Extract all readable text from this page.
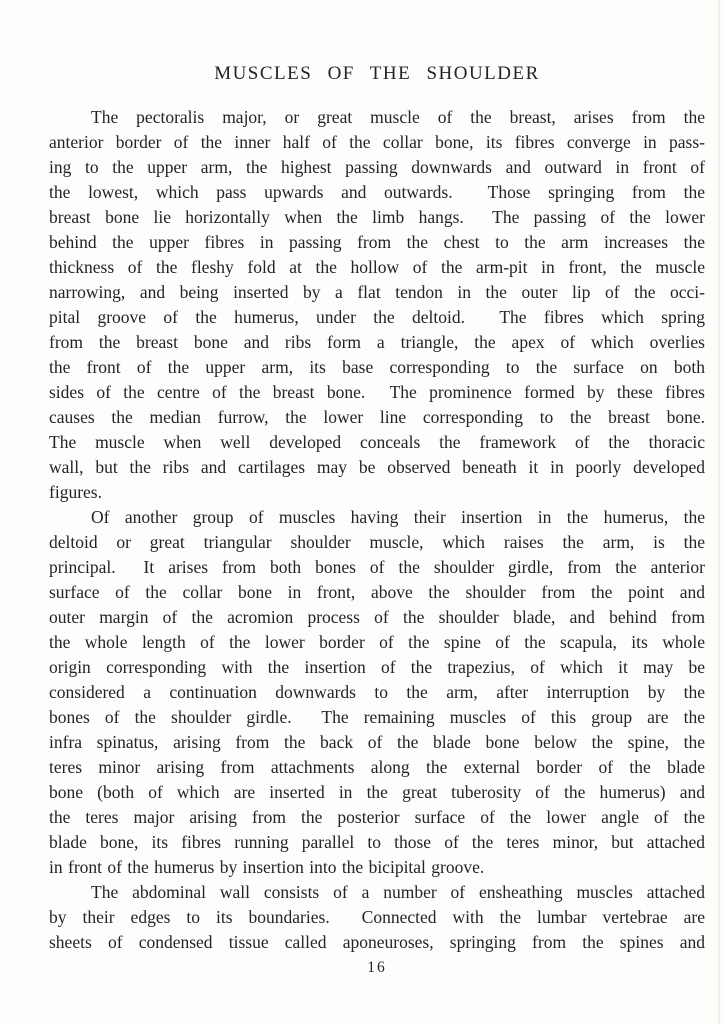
MUSCLES OF THE SHOULDER
The pectoralis major, or great muscle of the breast, arises from the
anterior border of the inner half of the collar bone, its fibres converge in pass-
ing to the upper arm, the highest passing downwards and outward in front of
the lowest, which pass upwards and outwards.  Those springing from the
breast bone lie horizontally when the limb hangs.  The passing of the lower
behind the upper fibres in passing from the chest to the arm increases the
thickness of the fleshy fold at the hollow of the arm-pit in front, the muscle
narrowing, and being inserted by a flat tendon in the outer lip of the occi-
pital groove of the humerus, under the deltoid.  The fibres which spring
from the breast bone and ribs form a triangle, the apex of which overlies
the front of the upper arm, its base corresponding to the surface on both
sides of the centre of the breast bone.  The prominence formed by these fibres
causes the median furrow, the lower line corresponding to the breast bone.
The muscle when well developed conceals the framework of the thoracic
wall, but the ribs and cartilages may be observed beneath it in poorly developed
figures.
Of another group of muscles having their insertion in the humerus, the
deltoid or great triangular shoulder muscle, which raises the arm, is the
principal.  It arises from both bones of the shoulder girdle, from the anterior
surface of the collar bone in front, above the shoulder from the point and
outer margin of the acromion process of the shoulder blade, and behind from
the whole length of the lower border of the spine of the scapula, its whole
origin corresponding with the insertion of the trapezius, of which it may be
considered a continuation downwards to the arm, after interruption by the
bones of the shoulder girdle.  The remaining muscles of this group are the
infra spinatus, arising from the back of the blade bone below the spine, the
teres minor arising from attachments along the external border of the blade
bone (both of which are inserted in the great tuberosity of the humerus) and
the teres major arising from the posterior surface of the lower angle of the
blade bone, its fibres running parallel to those of the teres minor, but attached
in front of the humerus by insertion into the bicipital groove.
The abdominal wall consists of a number of ensheathing muscles attached
by their edges to its boundaries.  Connected with the lumbar vertebrae are
sheets of condensed tissue called aponeuroses, springing from the spines and
16
